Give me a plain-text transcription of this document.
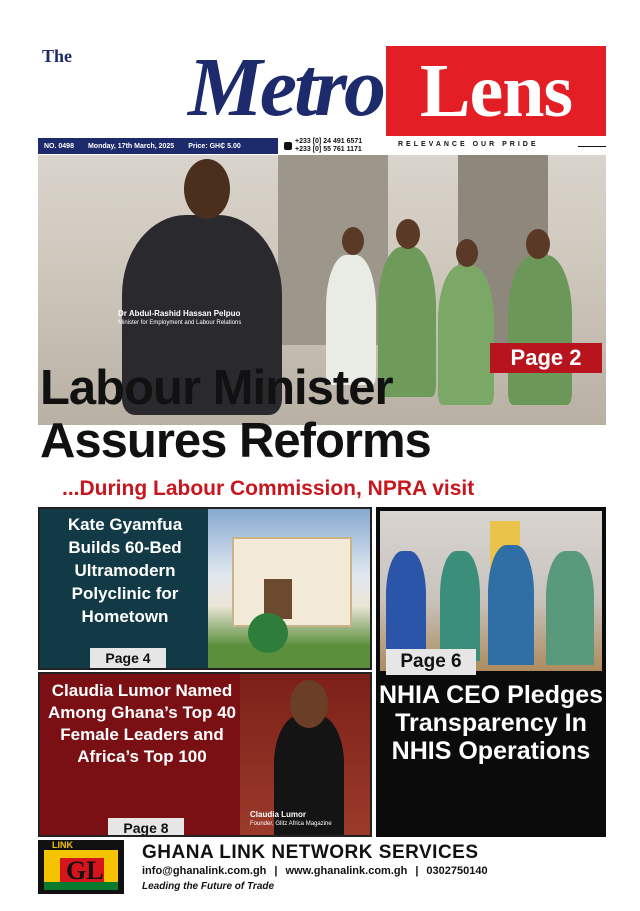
Metro
The	Lens
NO. 0498 Monday, 17th March, 2025 Price: GH₵ 5.00
+233 [0] 24 491 6571
+233 [0] 55 761 1171
RELEVANCE OUR PRIDE
Dr Abdul-Rashid Hassan Pelpuo
Minister for Employment and Labour Relations
Page 2
Labour Minister
Assures Reforms
...During Labour Commission, NPRA visit
Kate Gyamfua Builds 60-Bed Ultramodern Polyclinic for Hometown
Page 4
Claudia Lumor Named Among Ghana’s Top 40 Female Leaders and Africa’s Top 100
Page 8
Claudia Lumor
Founder, Glitz Africa Magazine
Page 6
NHIA CEO Pledges Transparency In NHIS Operations
LINK
GL
GHANA LINK NETWORK SERVICES
info@ghanalink.com.gh | www.ghanalink.com.gh | 0302750140
Leading the Future of Trade
